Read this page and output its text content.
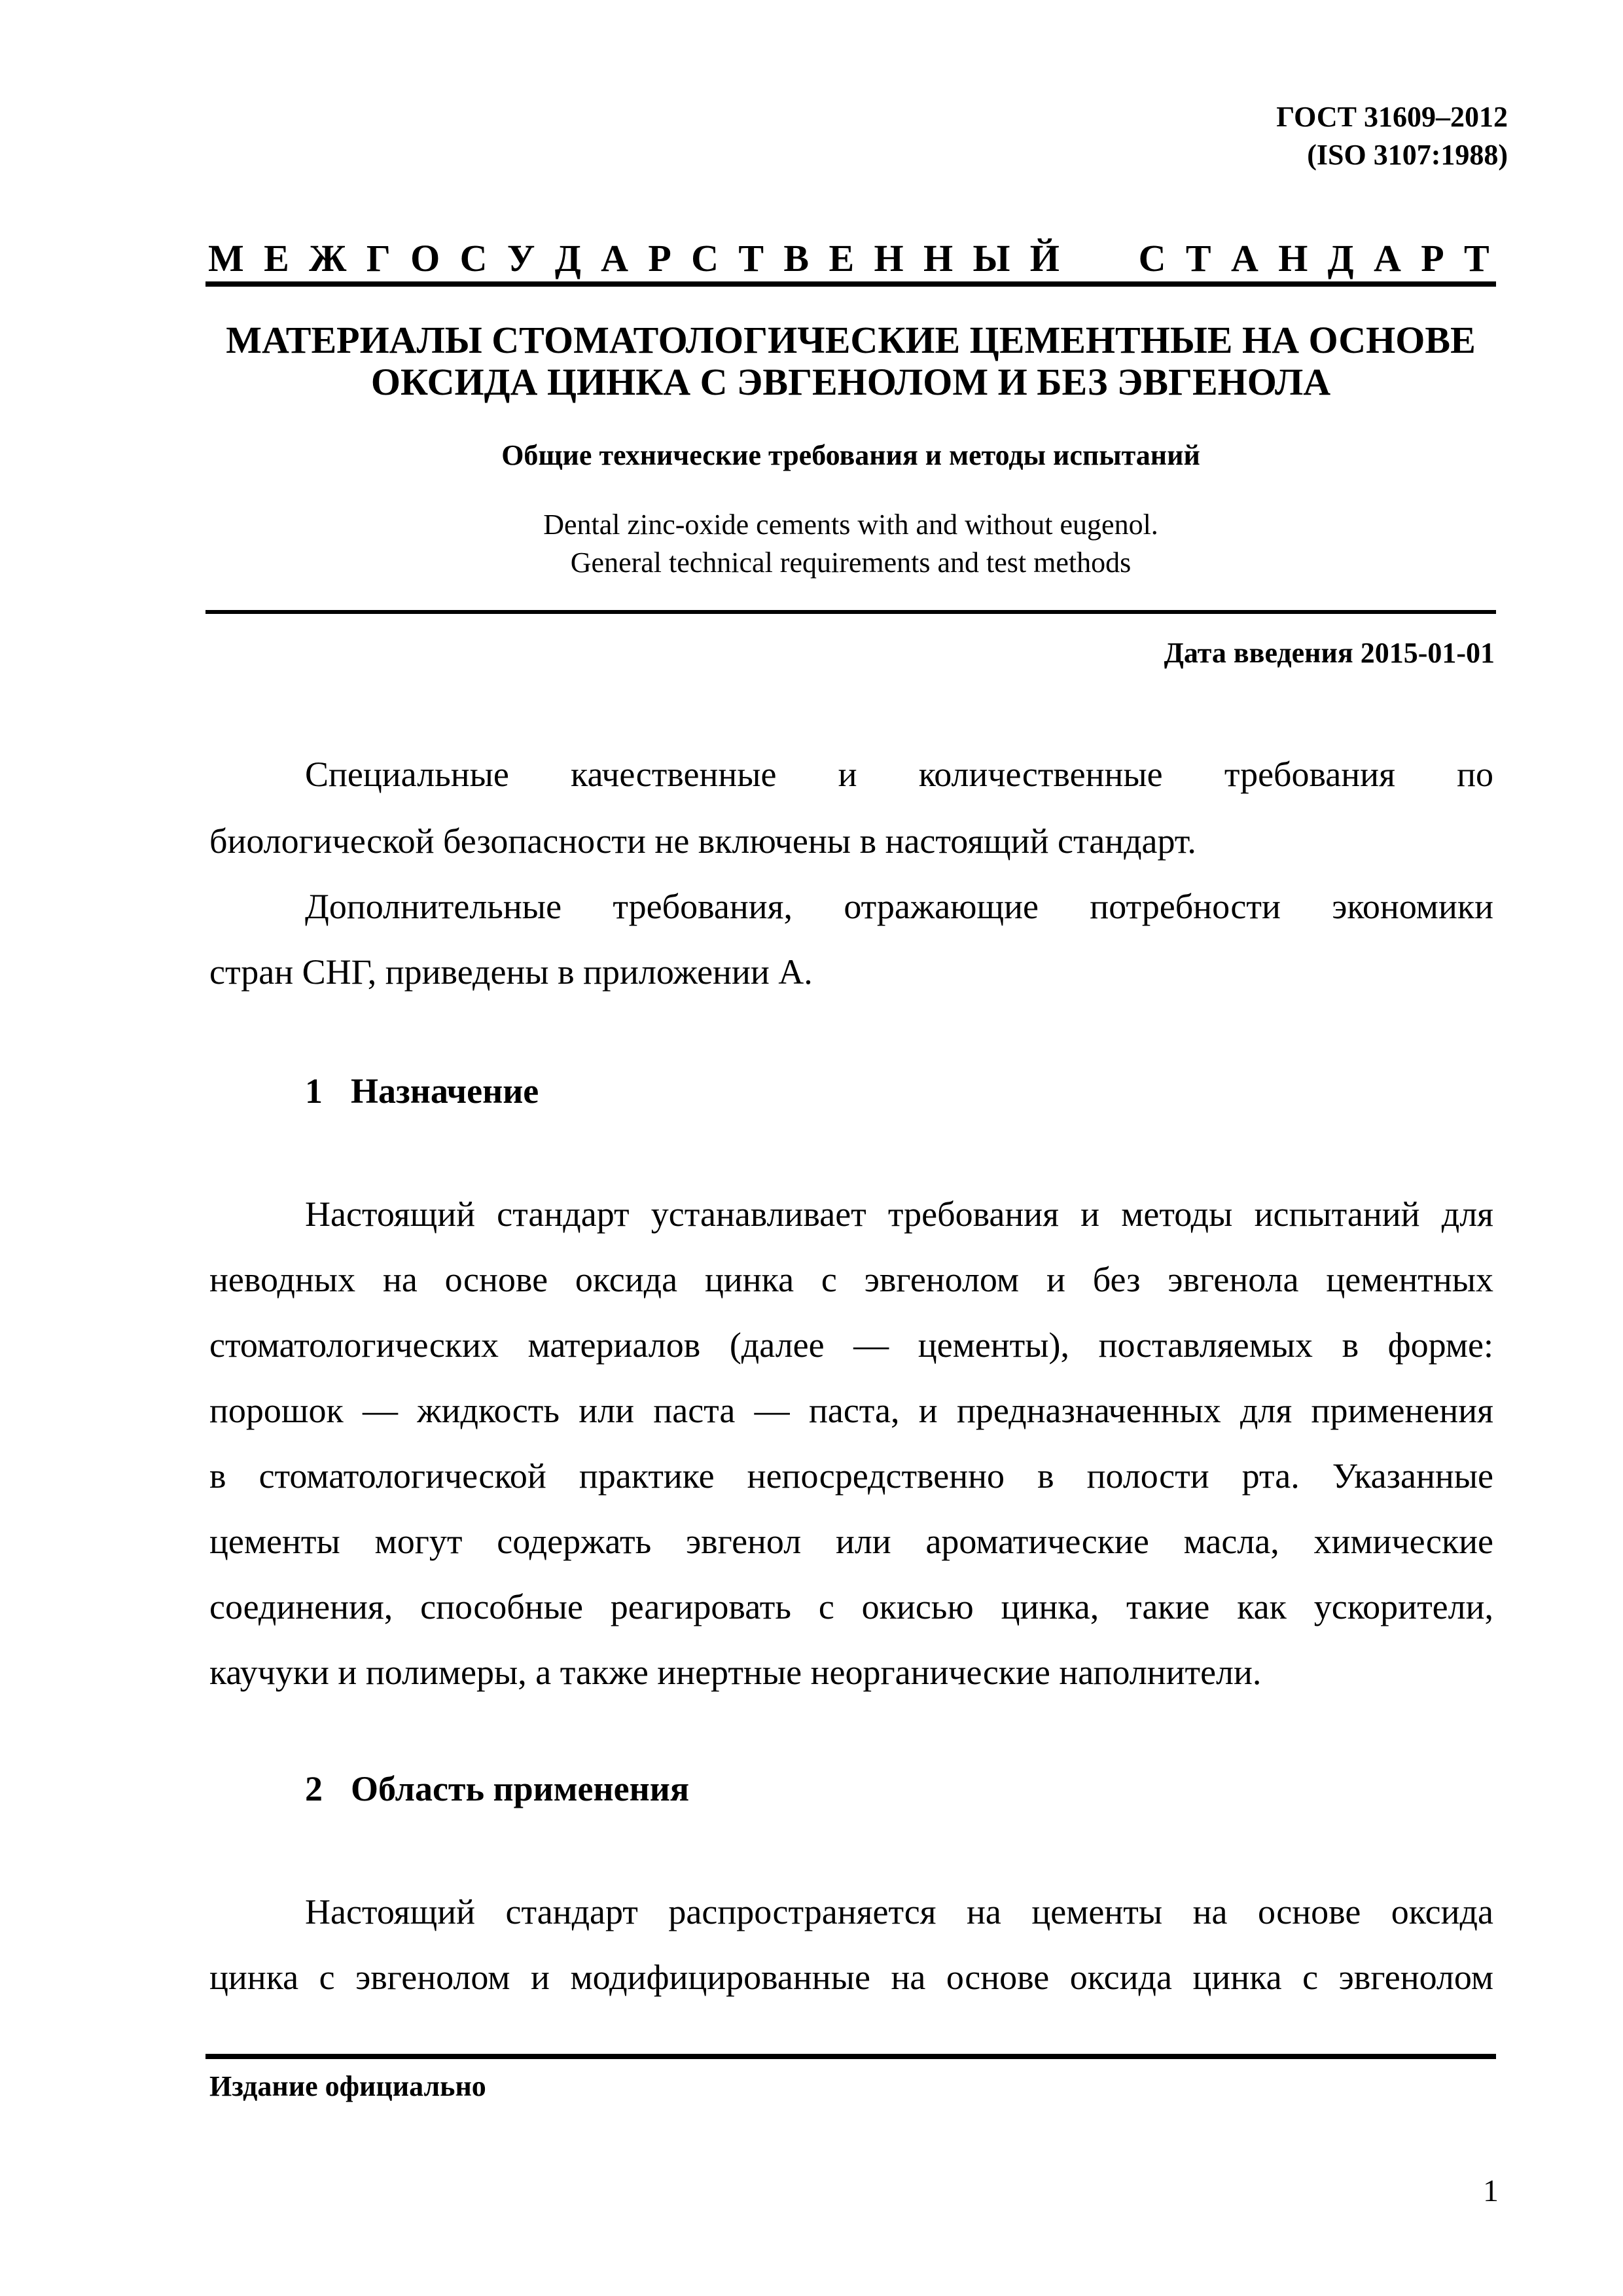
ГОСТ 31609–2012
(ISO 3107:1988)
М Е Ж Г О С У Д А Р С Т В Е Н Н Ы Й С Т А Н Д А Р Т
МАТЕРИАЛЫ СТОМАТОЛОГИЧЕСКИЕ ЦЕМЕНТНЫЕ НА ОСНОВЕ
ОКСИДА ЦИНКА С ЭВГЕНОЛОМ И БЕЗ ЭВГЕНОЛА
Общие технические требования и методы испытаний
Dental zinc-oxide cements with and without eugenol.
General technical requirements and test methods
Дата введения 2015-01-01
Специальные качественные и количественные требования по
биологической безопасности не включены в настоящий стандарт.
Дополнительные требования, отражающие потребности экономики
стран СНГ, приведены в приложении А.
1 Назначение
Настоящий стандарт устанавливает требования и методы испытаний для
неводных на основе оксида цинка с эвгенолом и без эвгенола цементных
стоматологических материалов (далее — цементы), поставляемых в форме:
порошок — жидкость или паста — паста, и предназначенных для применения
в стоматологической практике непосредственно в полости рта. Указанные
цементы могут содержать эвгенол или ароматические масла, химические
соединения, способные реагировать с окисью цинка, такие как ускорители,
каучуки и полимеры, а также инертные неорганические наполнители.
2 Область применения
Настоящий стандарт распространяется на цементы на основе оксида
цинка с эвгенолом и модифицированные на основе оксида цинка с эвгенолом
Издание официально
1
